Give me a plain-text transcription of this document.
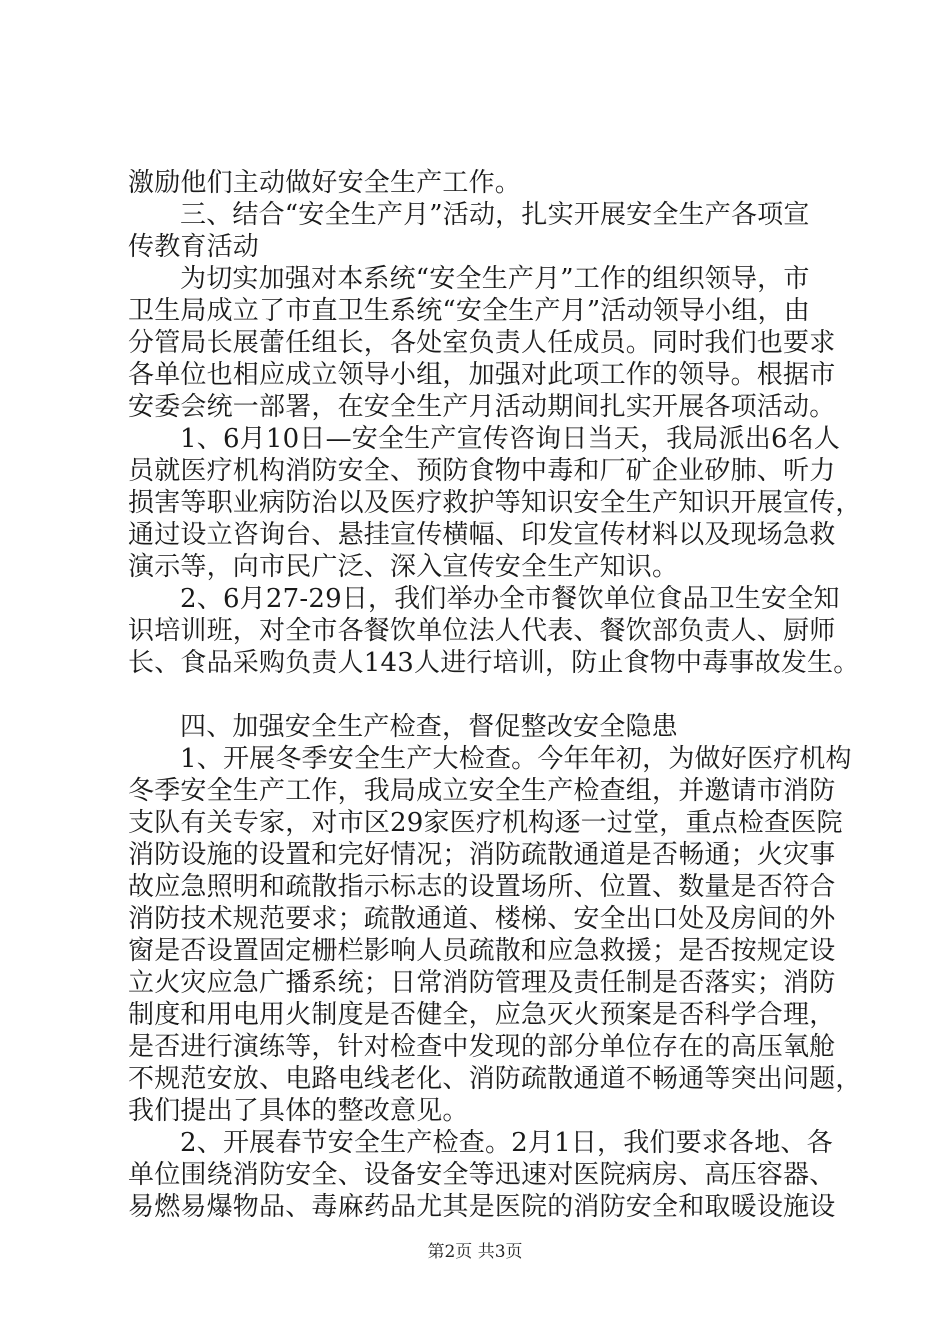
激励他们主动做好安全生产工作。
三、结合“安全生产月”活动，扎实开展安全生产各项宣
传教育活动
为切实加强对本系统“安全生产月”工作的组织领导，市
卫生局成立了市直卫生系统“安全生产月”活动领导小组，由
分管局长展蕾任组长，各处室负责人任成员。同时我们也要求
各单位也相应成立领导小组，加强对此项工作的领导。根据市
安委会统一部署，在安全生产月活动期间扎实开展各项活动。
1、6月10日—安全生产宣传咨询日当天，我局派出6名人
员就医疗机构消防安全、预防食物中毒和厂矿企业矽肺、听力
损害等职业病防治以及医疗救护等知识安全生产知识开展宣传，
通过设立咨询台、悬挂宣传横幅、印发宣传材料以及现场急救
演示等，向市民广泛、深入宣传安全生产知识。
2、6月27-29日，我们举办全市餐饮单位食品卫生安全知
识培训班，对全市各餐饮单位法人代表、餐饮部负责人、厨师
长、食品采购负责人143人进行培训，防止食物中毒事故发生。
四、加强安全生产检查，督促整改安全隐患
1、开展冬季安全生产大检查。今年年初，为做好医疗机构
冬季安全生产工作，我局成立安全生产检查组，并邀请市消防
支队有关专家，对市区29家医疗机构逐一过堂，重点检查医院
消防设施的设置和完好情况；消防疏散通道是否畅通；火灾事
故应急照明和疏散指示标志的设置场所、位置、数量是否符合
消防技术规范要求；疏散通道、楼梯、安全出口处及房间的外
窗是否设置固定栅栏影响人员疏散和应急救援；是否按规定设
立火灾应急广播系统；日常消防管理及责任制是否落实；消防
制度和用电用火制度是否健全，应急灭火预案是否科学合理，
是否进行演练等，针对检查中发现的部分单位存在的高压氧舱
不规范安放、电路电线老化、消防疏散通道不畅通等突出问题，
我们提出了具体的整改意见。
2、开展春节安全生产检查。2月1日，我们要求各地、各
单位围绕消防安全、设备安全等迅速对医院病房、高压容器、
易燃易爆物品、毒麻药品尤其是医院的消防安全和取暖设施设
第2页 共3页
